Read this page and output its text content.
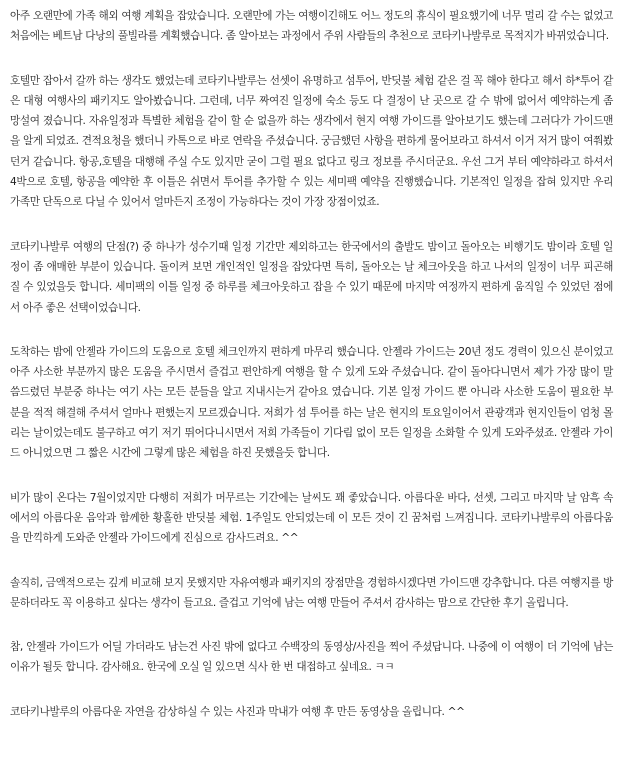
아주 오랜만에 가족 해외 여행 계획을 잡았습니다. 오랜만에 가는 여행이긴해도 어느 정도의 휴식이 필요했기에 너무 멀리 갈 수는 없었고 처음에는 베트남 다낭의 풀빌라를 계획했습니다. 좀 알아보는 과정에서 주위 사람들의 추천으로 코타키나발루로 목적지가 바뀌었습니다.

호텔만 잡아서 갈까 하는 생각도 했었는데 코타키나발루는 선셋이 유명하고 섬투어, 반딧불 체험 같은 걸 꼭 해야 한다고 해서 하*투어 같은 대형 여행사의 패키지도 알아봤습니다. 그런데, 너무 짜여진 일정에 숙소 등도 다 결정이 난 곳으로 갈 수 밖에 없어서 예약하는게 좀 망설여 졌습니다. 자유일정과 특별한 체험을 같이 할 순 없을까 하는 생각에서 현지 여행 가이드를 알아보기도 했는데 그러다가 가이드맨을 알게 되었죠. 견적요청을 했더니 카톡으로 바로 연락을 주셨습니다. 궁금했던 사항을 편하게 물어보라고 하셔서 이거 저거 많이 여쭤봤던거 같습니다. 항공,호텔을 대행해 주실 수도 있지만 굳이 그럴 필요 없다고 링크 정보를 주시더군요. 우선 그거 부터 예약하라고 하셔서 4박으로 호텔, 항공을 예약한 후 이틀은 쉬면서 투어를 추가할 수 있는 세미팩 예약을 진행했습니다. 기본적인 일정을 잡혀 있지만 우리 가족만 단독으로 다닐 수 있어서 얼마든지 조정이 가능하다는 것이 가장 장점이었죠.

코타키나발루 여행의 단점(?) 중 하나가 성수기때 일정 기간만 제외하고는 한국에서의 출발도 밤이고 돌아오는 비행기도 밤이라 호텔 일정이 좀 애매한 부분이 있습니다. 돌이켜 보면 개인적인 일정을 잡았다면 특히, 돌아오는 날 체크아웃을 하고 나서의 일정이 너무 피곤해 질 수 있었을듯 합니다. 세미팩의 이틀 일정 중 하루를 체크아웃하고 잡을 수 있기 때문에 마지막 여정까지 편하게 움직일 수 있었던 점에서 아주 좋은 선택이었습니다.

도착하는 밤에 안젤라 가이드의 도움으로 호텔 체크인까지 편하게 마무리 했습니다. 안젤라 가이드는 20년 정도 경력이 있으신 분이었고 아주 사소한 부분까지 많은 도움을 주시면서 즐겁고 편안하게 여행을 할 수 있게 도와 주셨습니다. 같이 돌아다니면서 제가 가장 많이 말씀드렸던 부분중 하나는 여기 사는 모든 분들을 알고 지내시는거 같아요 였습니다. 기본 일정 가이드 뿐 아니라 사소한 도움이 필요한 부분을 적적 해결해 주셔서 얼마나 편했는지 모르겠습니다. 저희가 섬 투어를 하는 날은 현지의 토요일이어서 관광객과 현지인들이 엄청 몰리는 날이었는데도 불구하고 여기 저기 뛰어다니시면서 저희 가족들이 기다림 없이 모든 일정을 소화할 수 있게 도와주셨죠. 안젤라 가이드 아니었으면 그 짧은 시간에 그렇게 많은 체험을 하진 못했을듯 합니다.

비가 많이 온다는 7월이었지만 다행히 저희가 머무르는 기간에는 날씨도 꽤 좋았습니다. 아름다운 바다, 선셋, 그리고 마지막 날 암흑 속에서의 아름다운 음악과 함께한 황홀한 반딧불 체험. 1주일도 안되었는데 이 모든 것이 긴 꿈처럼 느껴집니다. 코타키나발루의 아름다움을 만끽하게 도와준 안젤라 가이드에게 진심으로 감사드려요. ^^

솔직히, 금액적으로는 깊게 비교해 보지 못했지만 자유여행과 패키지의 장점만을 경험하시겠다면 가이드맨 강추합니다. 다른 여행지를 방문하더라도 꼭 이용하고 싶다는 생각이 들고요. 즐겁고 기억에 남는 여행 만들어 주셔서 감사하는 맘으로 간단한 후기 올립니다.

참, 안젤라 가이드가 어딜 가더라도 남는건 사진 밖에 없다고 수백장의 동영상/사진을 찍어 주셨답니다. 나중에 이 여행이 더 기억에 남는 이유가 될듯 합니다. 감사해요. 한국에 오실 일 있으면 식사 한 번 대접하고 싶네요. ㅋㅋ

코타키나발루의 아름다운 자연을 감상하실 수 있는 사진과 막내가 여행 후 만든 동영상을 올립니다. ^^
